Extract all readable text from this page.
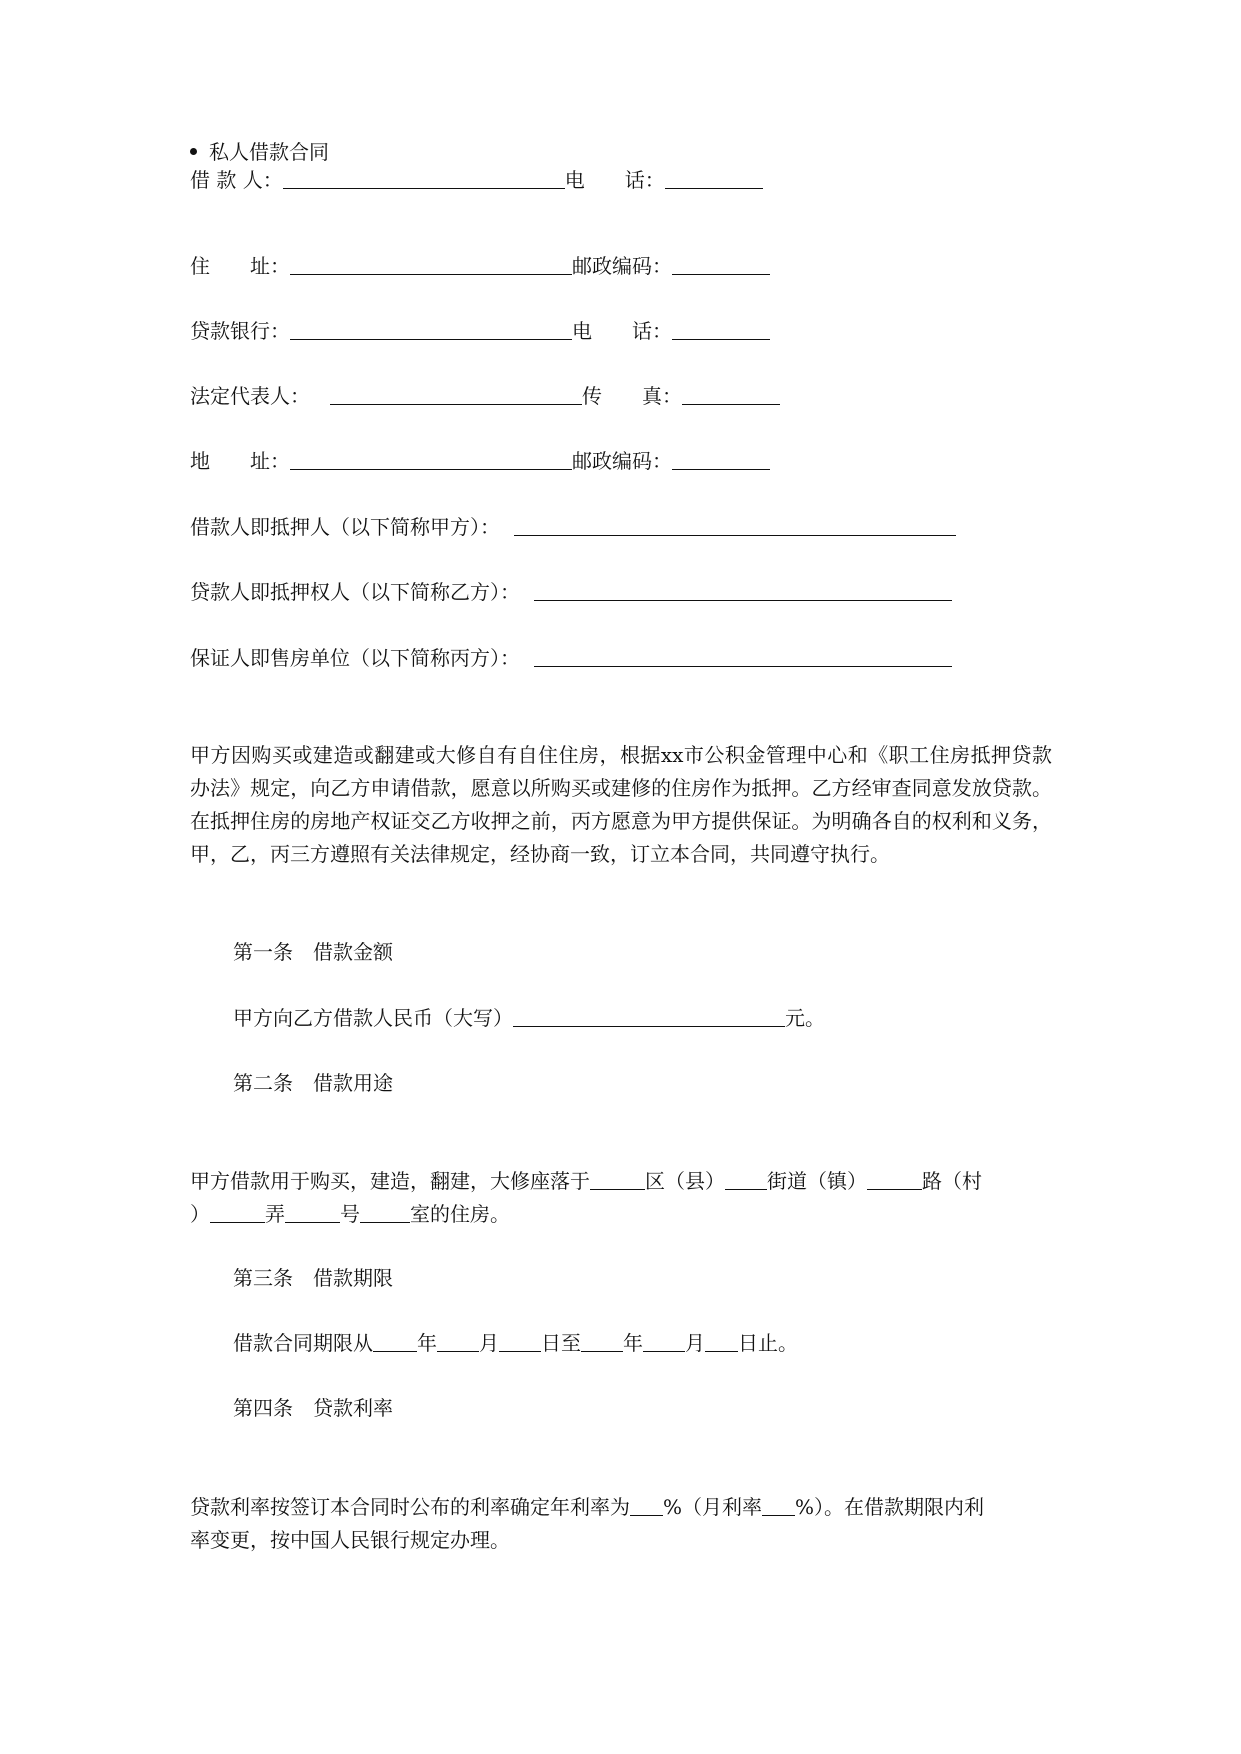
私人借款合同
借 款 人：	电　　话：
住　　址：	邮政编码：
贷款银行：	电　　话：
法定代表人：	传　　真：
地　　址：	邮政编码：
借款人即抵押人（以下简称甲方）：
贷款人即抵押权人（以下简称乙方）：
保证人即售房单位（以下简称丙方）：
甲方因购买或建造或翻建或大修自有自住住房，根据xx市公积金管理中心和《职工住房抵押贷款办法》规定，向乙方申请借款，愿意以所购买或建修的住房作为抵押。乙方经审查同意发放贷款。在抵押住房的房地产权证交乙方收押之前，丙方愿意为甲方提供保证。为明确各自的权利和义务，甲，乙，丙三方遵照有关法律规定，经协商一致，订立本合同，共同遵守执行。
第一条　借款金额
甲方向乙方借款人民币（大写）	元。
第二条　借款用途
甲方借款用于购买，建造，翻建，大修座落于	区（县） 街道（镇）	路（村
）	弄	号	室的住房。
第三条　借款期限
借款合同期限从 年 月 日至 年 月 日止。
第四条　贷款利率
贷款利率按签订本合同时公布的利率确定年利率为 %（月利率 %）。在借款期限内利
率变更，按中国人民银行规定办理。
